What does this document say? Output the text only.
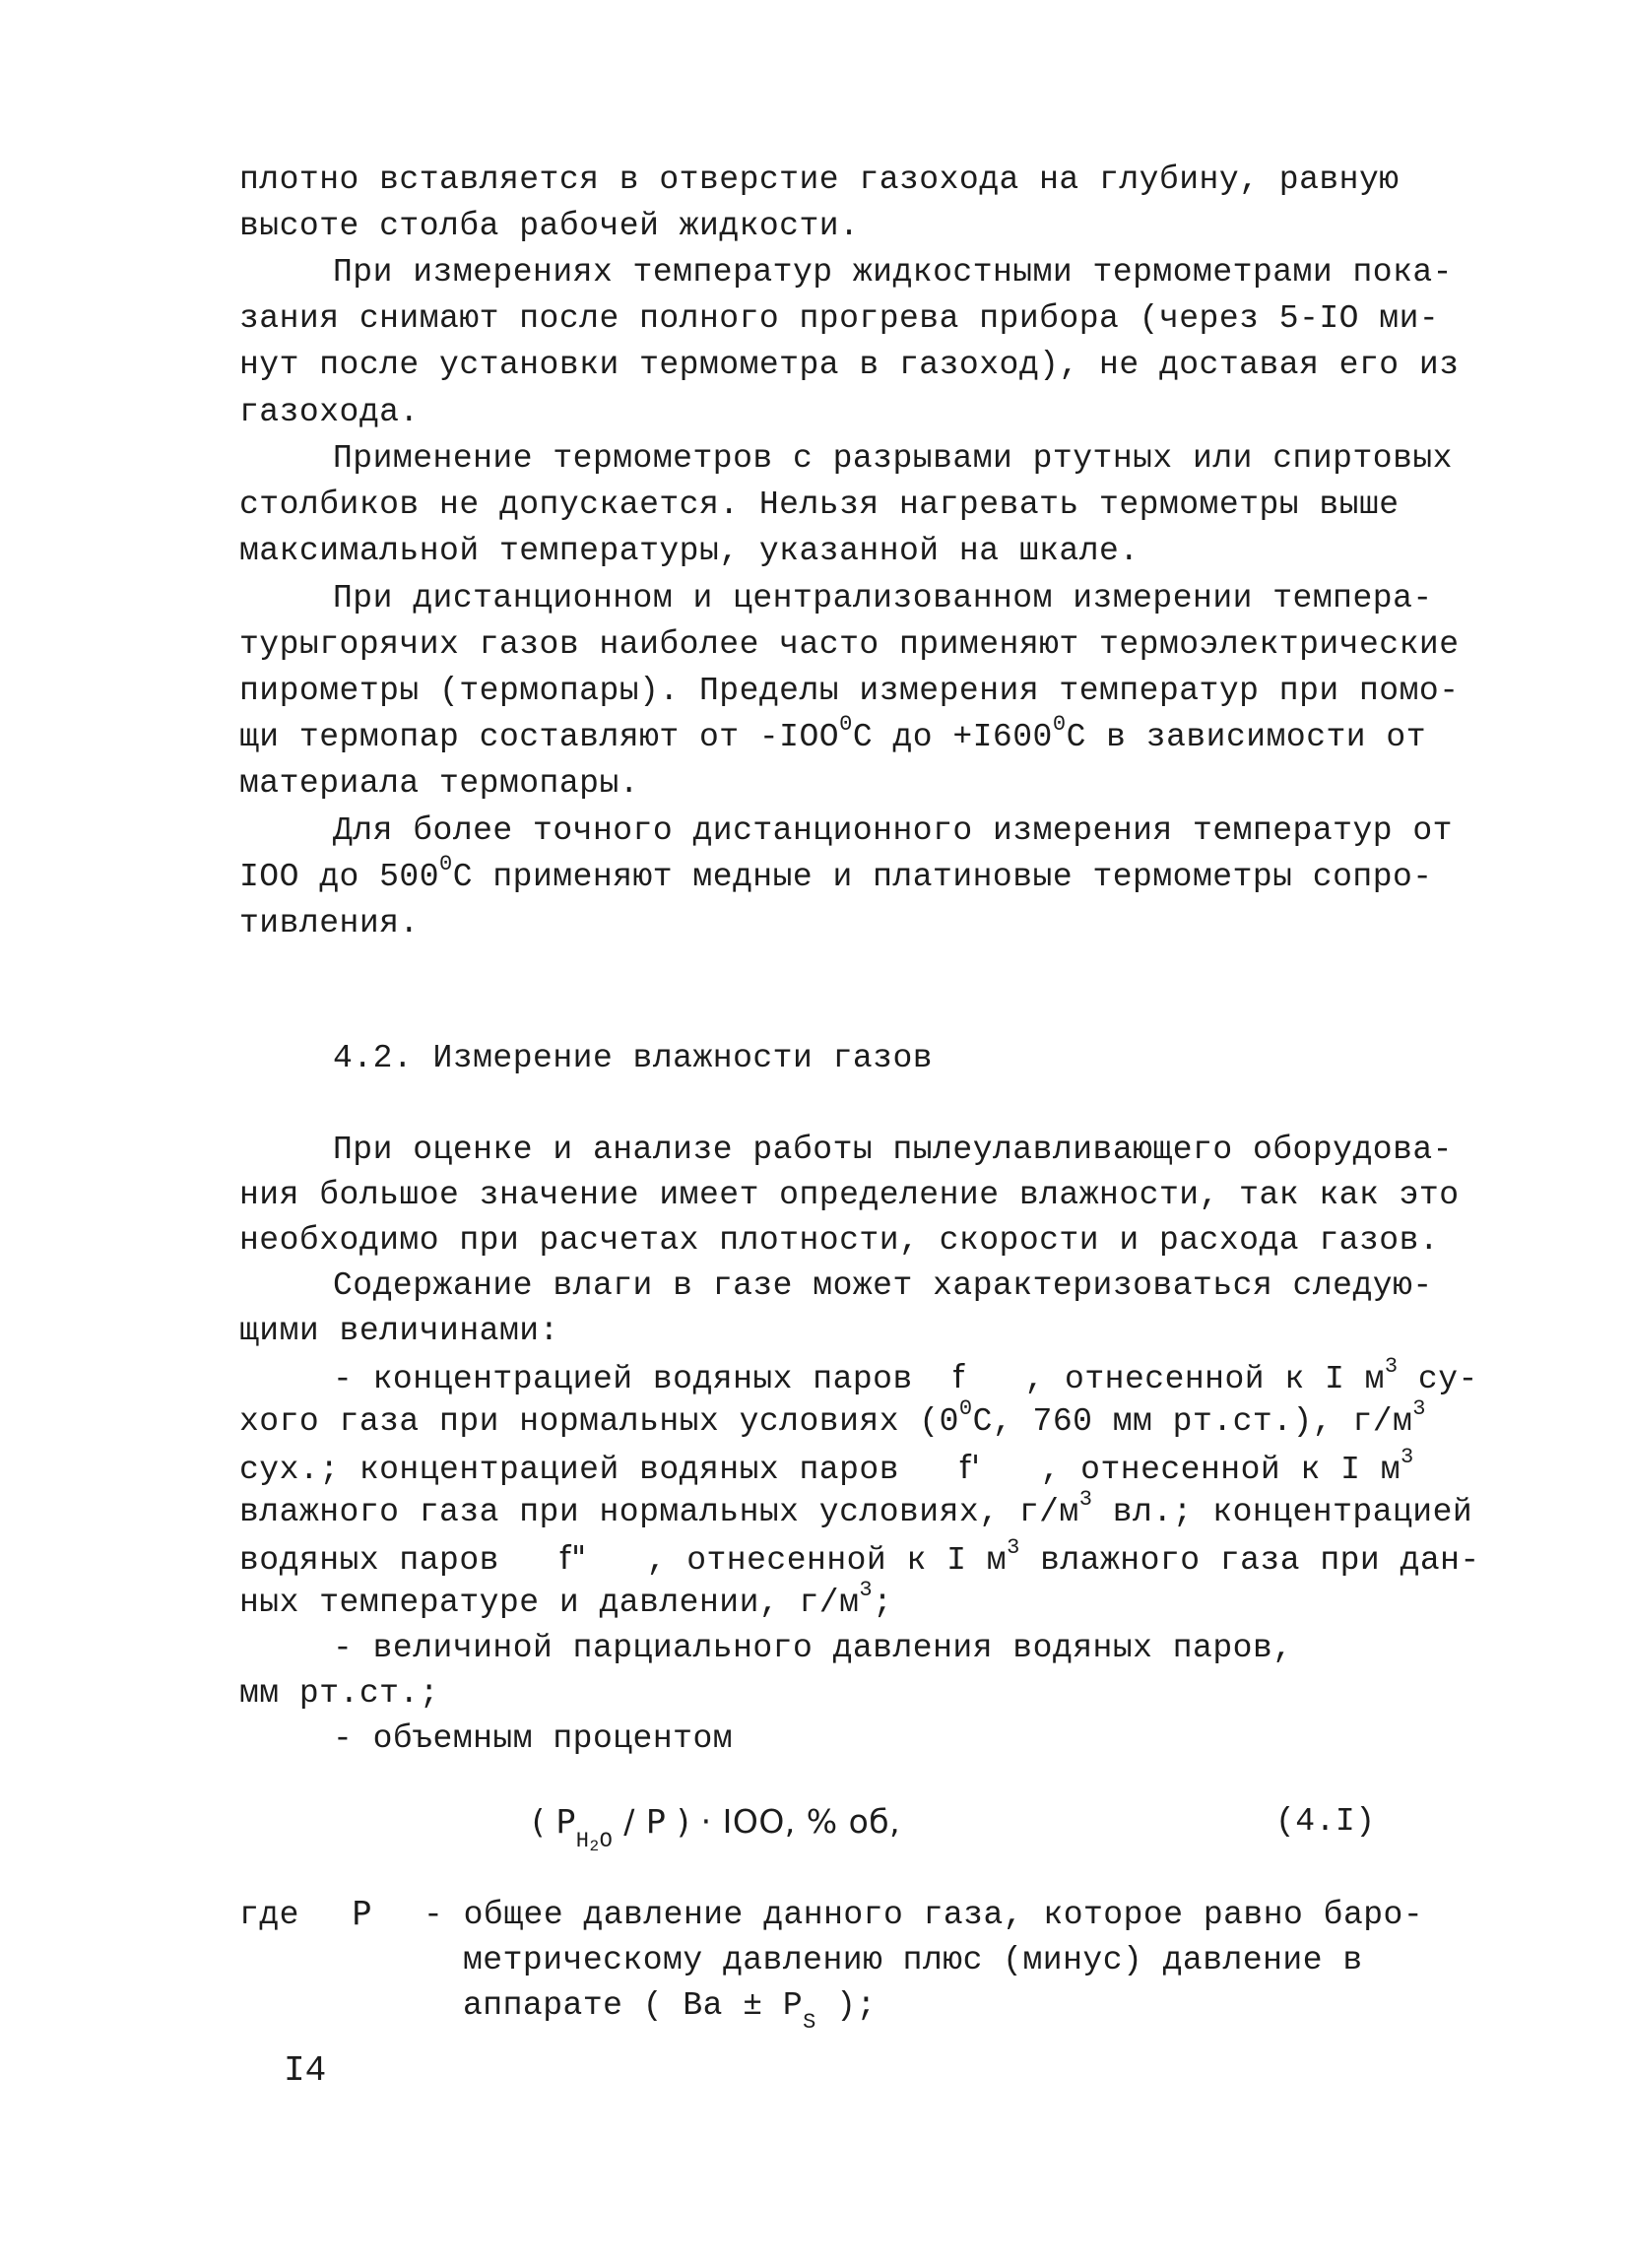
плотно вставляется в отверстие газохода на глубину, равную
высоте столба рабочей жидкости.
При измерениях температур жидкостными термометрами пока-
зания снимают после полного прогрева прибора (через 5-IO ми-
нут после установки термометра в газоход), не доставая его из
газохода.
Применение термометров с разрывами ртутных или спиртовых
столбиков не допускается. Нельзя нагревать термометры выше
максимальной температуры, указанной на шкале.
При дистанционном и централизованном измерении темпера-
турыгорячих газов наиболее часто применяют термоэлектрические
пирометры (термопары). Пределы измерения температур при помо-
щи термопар составляют от -IOO$^0$C до $+I600^0C$ в зависимости от
материала термопары.
Для более точного дистанционного измерения температур от
IOO до $500^0C$ применяют медные и платиновые термометры сопро-
тивления.
4.2. Измерение влажности газов
При оценке и анализе работы пылеулавливающего оборудова-
ния большое значение имеет определение влажности, так как это
необходимо при расчетах плотности, скорости и расхода газов.
Содержание влаги в газе может характеризоваться следую-
щими величинами:
- концентрацией водяных паров f , отнесенной к I $м^3$ су-
хого газа при нормальных условиях ($0^0C$, 760 мм рт.ст.), $г/м^3$
сух.; концентрацией водяных паров f' , отнесенной к I $м^3$
влажного газа при нормальных условиях, $г/м^3$ вл.; концентрацией
водяных паров f" , отнесенной к I $м^3$ влажного газа при дан-
ных температуре и давлении, $г/м^3$;
- величиной парциального давления водяных паров,
мм рт.ст.;
- объемным процентом
( $P_{H2O}$ / P ) · IOO, % об,	(4.I)
где P - общее давление данного газа, которое равно баро-
метрическому давлению плюс (минус) давление в
аппарате ( $Ba \pm P_S$ );
I4
